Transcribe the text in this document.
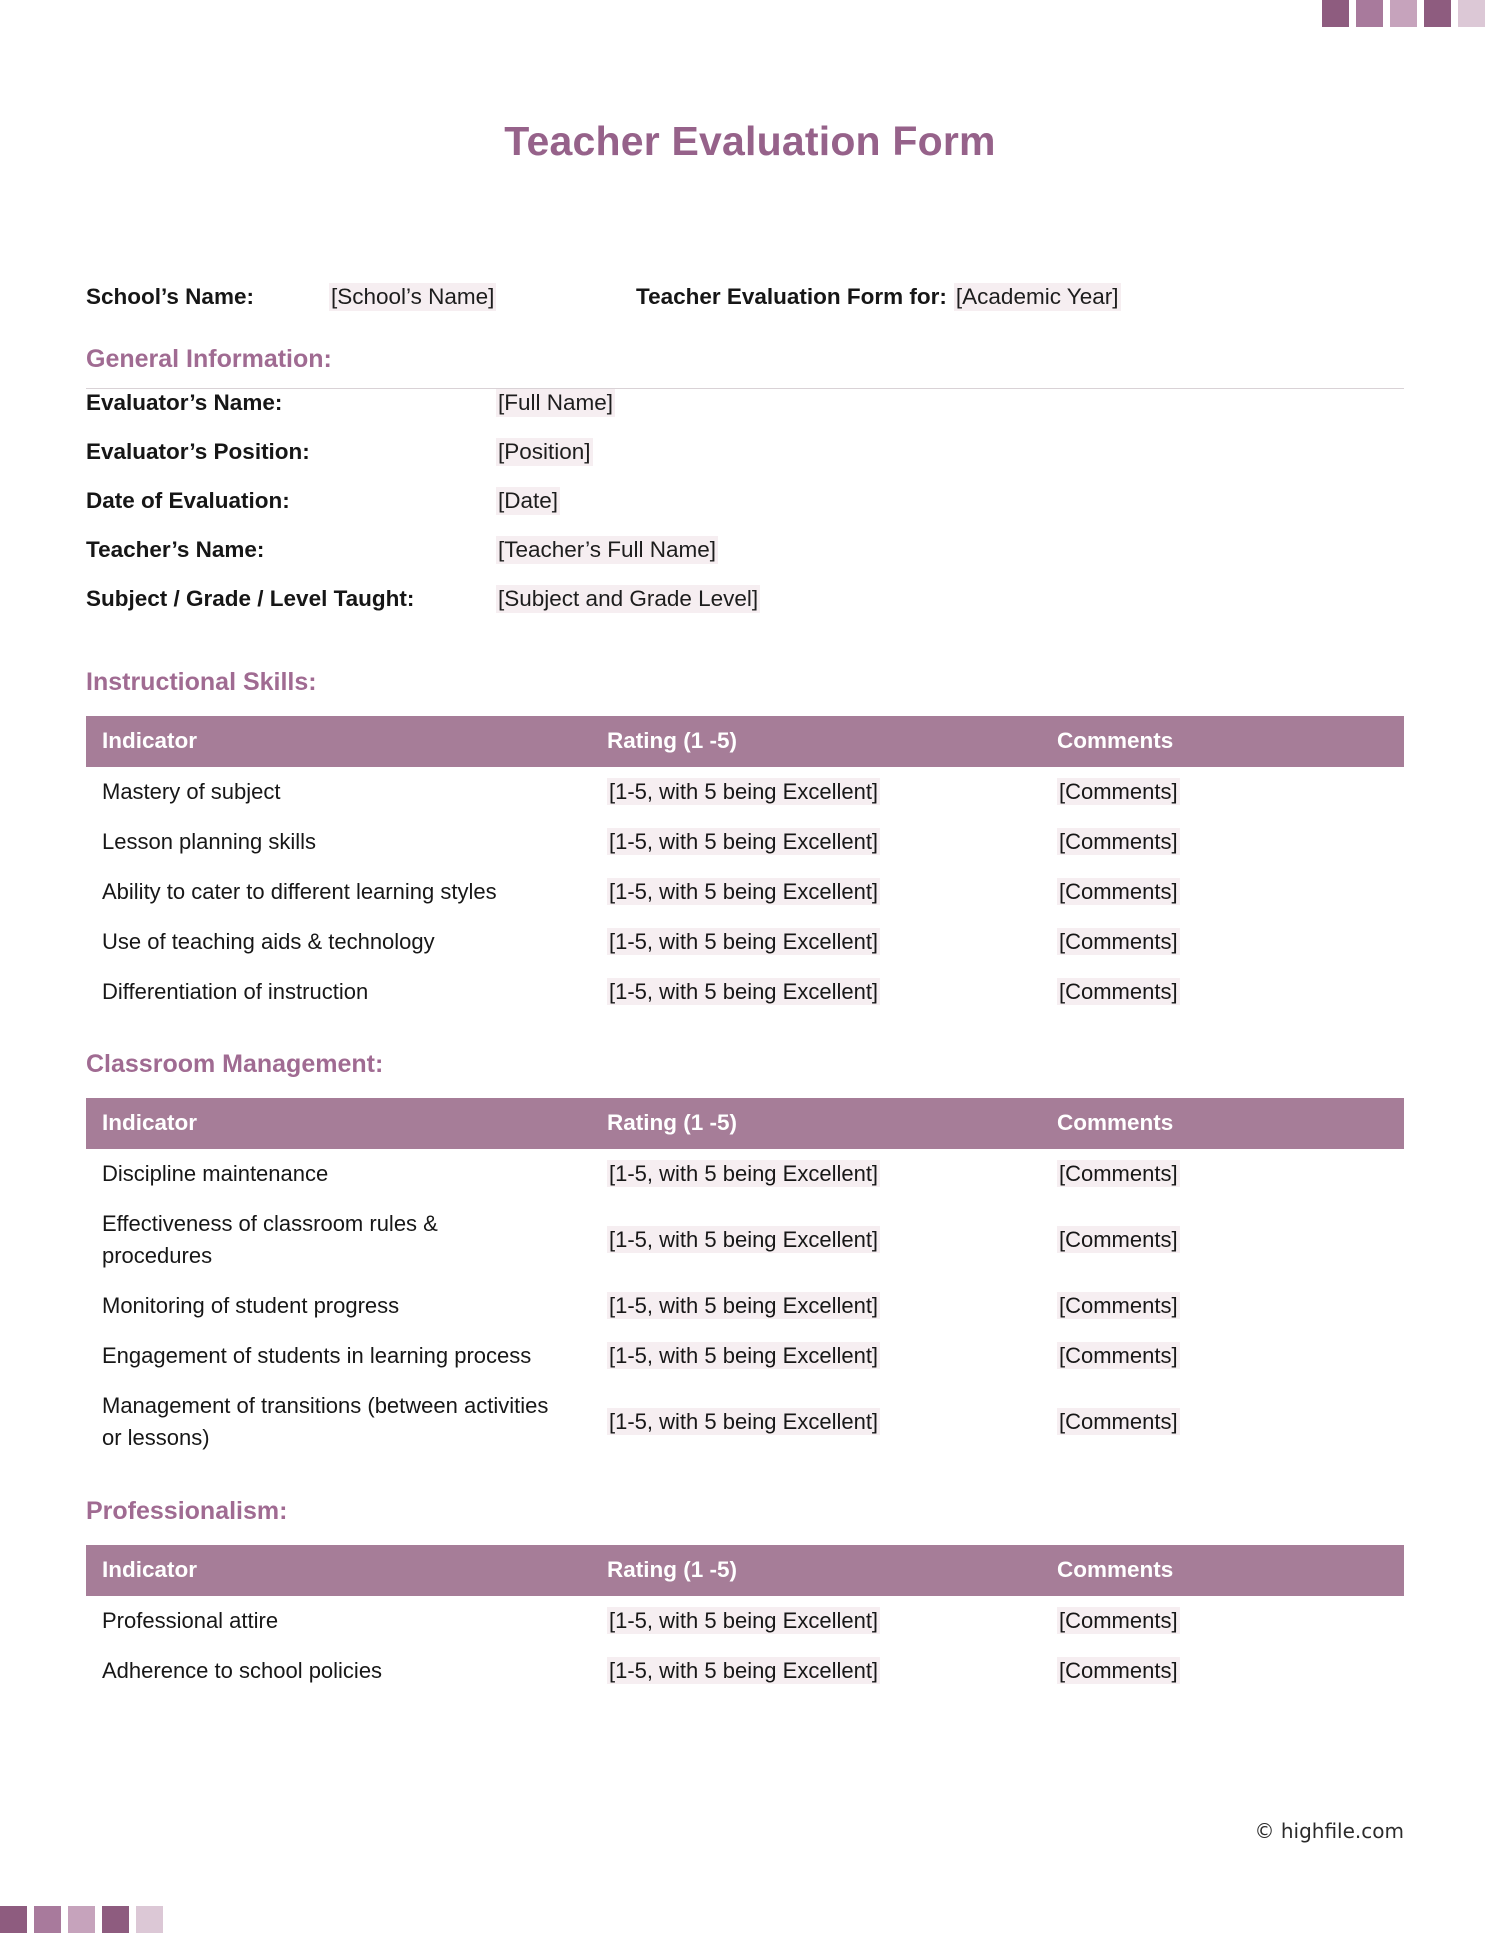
Teacher Evaluation Form
School’s Name:	[School’s Name]	Teacher Evaluation Form for: [Academic Year]
General Information:
Evaluator’s Name:	[Full Name]
Evaluator’s Position:	[Position]
Date of Evaluation:	[Date]
Teacher’s Name:	[Teacher’s Full Name]
Subject / Grade / Level Taught:	[Subject and Grade Level]
Instructional Skills:
Indicator	Rating (1 -5)	Comments
Mastery of subject	[1-5, with 5 being Excellent]	[Comments]
Lesson planning skills	[1-5, with 5 being Excellent]	[Comments]
Ability to cater to different learning styles	[1-5, with 5 being Excellent]	[Comments]
Use of teaching aids & technology	[1-5, with 5 being Excellent]	[Comments]
Differentiation of instruction	[1-5, with 5 being Excellent]	[Comments]
Classroom Management:
Indicator	Rating (1 -5)	Comments
Discipline maintenance	[1-5, with 5 being Excellent]	[Comments]
Effectiveness of classroom rules & procedures	[1-5, with 5 being Excellent]	[Comments]
Monitoring of student progress	[1-5, with 5 being Excellent]	[Comments]
Engagement of students in learning process	[1-5, with 5 being Excellent]	[Comments]
Management of transitions (between activities or lessons)	[1-5, with 5 being Excellent]	[Comments]
Professionalism:
Indicator	Rating (1 -5)	Comments
Professional attire	[1-5, with 5 being Excellent]	[Comments]
Adherence to school policies	[1-5, with 5 being Excellent]	[Comments]
© highfile.com
